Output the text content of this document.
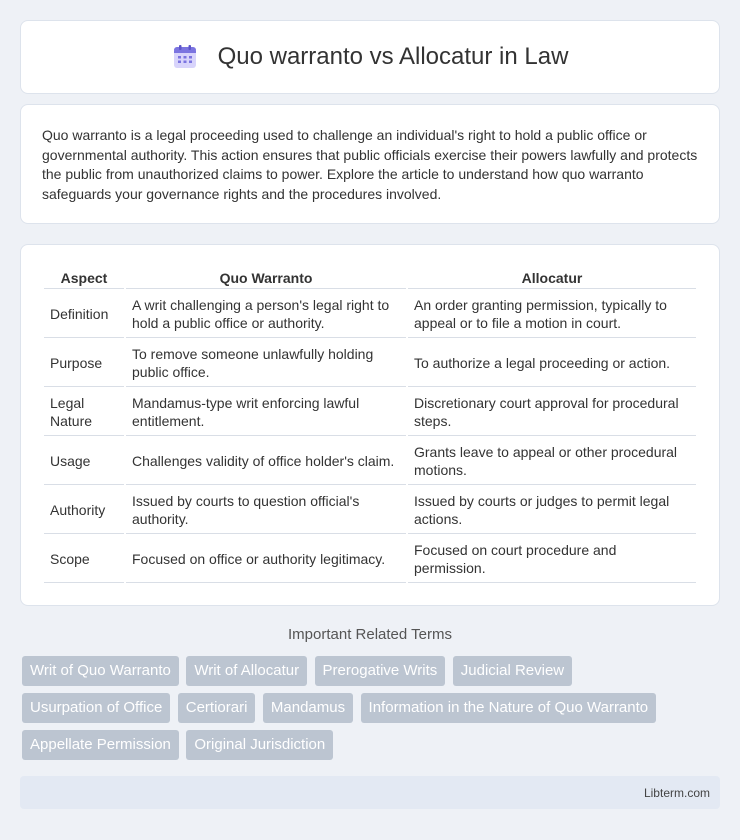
Quo warranto vs Allocatur in Law

Quo warranto is a legal proceeding used to challenge an individual's right to hold a public office or governmental authority. This action ensures that public officials exercise their powers lawfully and protects the public from unauthorized claims to power. Explore the article to understand how quo warranto safeguards your governance rights and the procedures involved.

Aspect	Quo Warranto	Allocatur
Definition	A writ challenging a person's legal right to hold a public office or authority.	An order granting permission, typically to appeal or to file a motion in court.
Purpose	To remove someone unlawfully holding public office.	To authorize a legal proceeding or action.
Legal Nature	Mandamus-type writ enforcing lawful entitlement.	Discretionary court approval for procedural steps.
Usage	Challenges validity of office holder's claim.	Grants leave to appeal or other procedural motions.
Authority	Issued by courts to question official's authority.	Issued by courts or judges to permit legal actions.
Scope	Focused on office or authority legitimacy.	Focused on court procedure and permission.
Important Related Terms
Writ of Quo Warranto Writ of Allocatur Prerogative Writs Judicial Review Usurpation of Office Certiorari Mandamus Information in the Nature of Quo Warranto Appellate Permission Original Jurisdiction
Libterm.com
